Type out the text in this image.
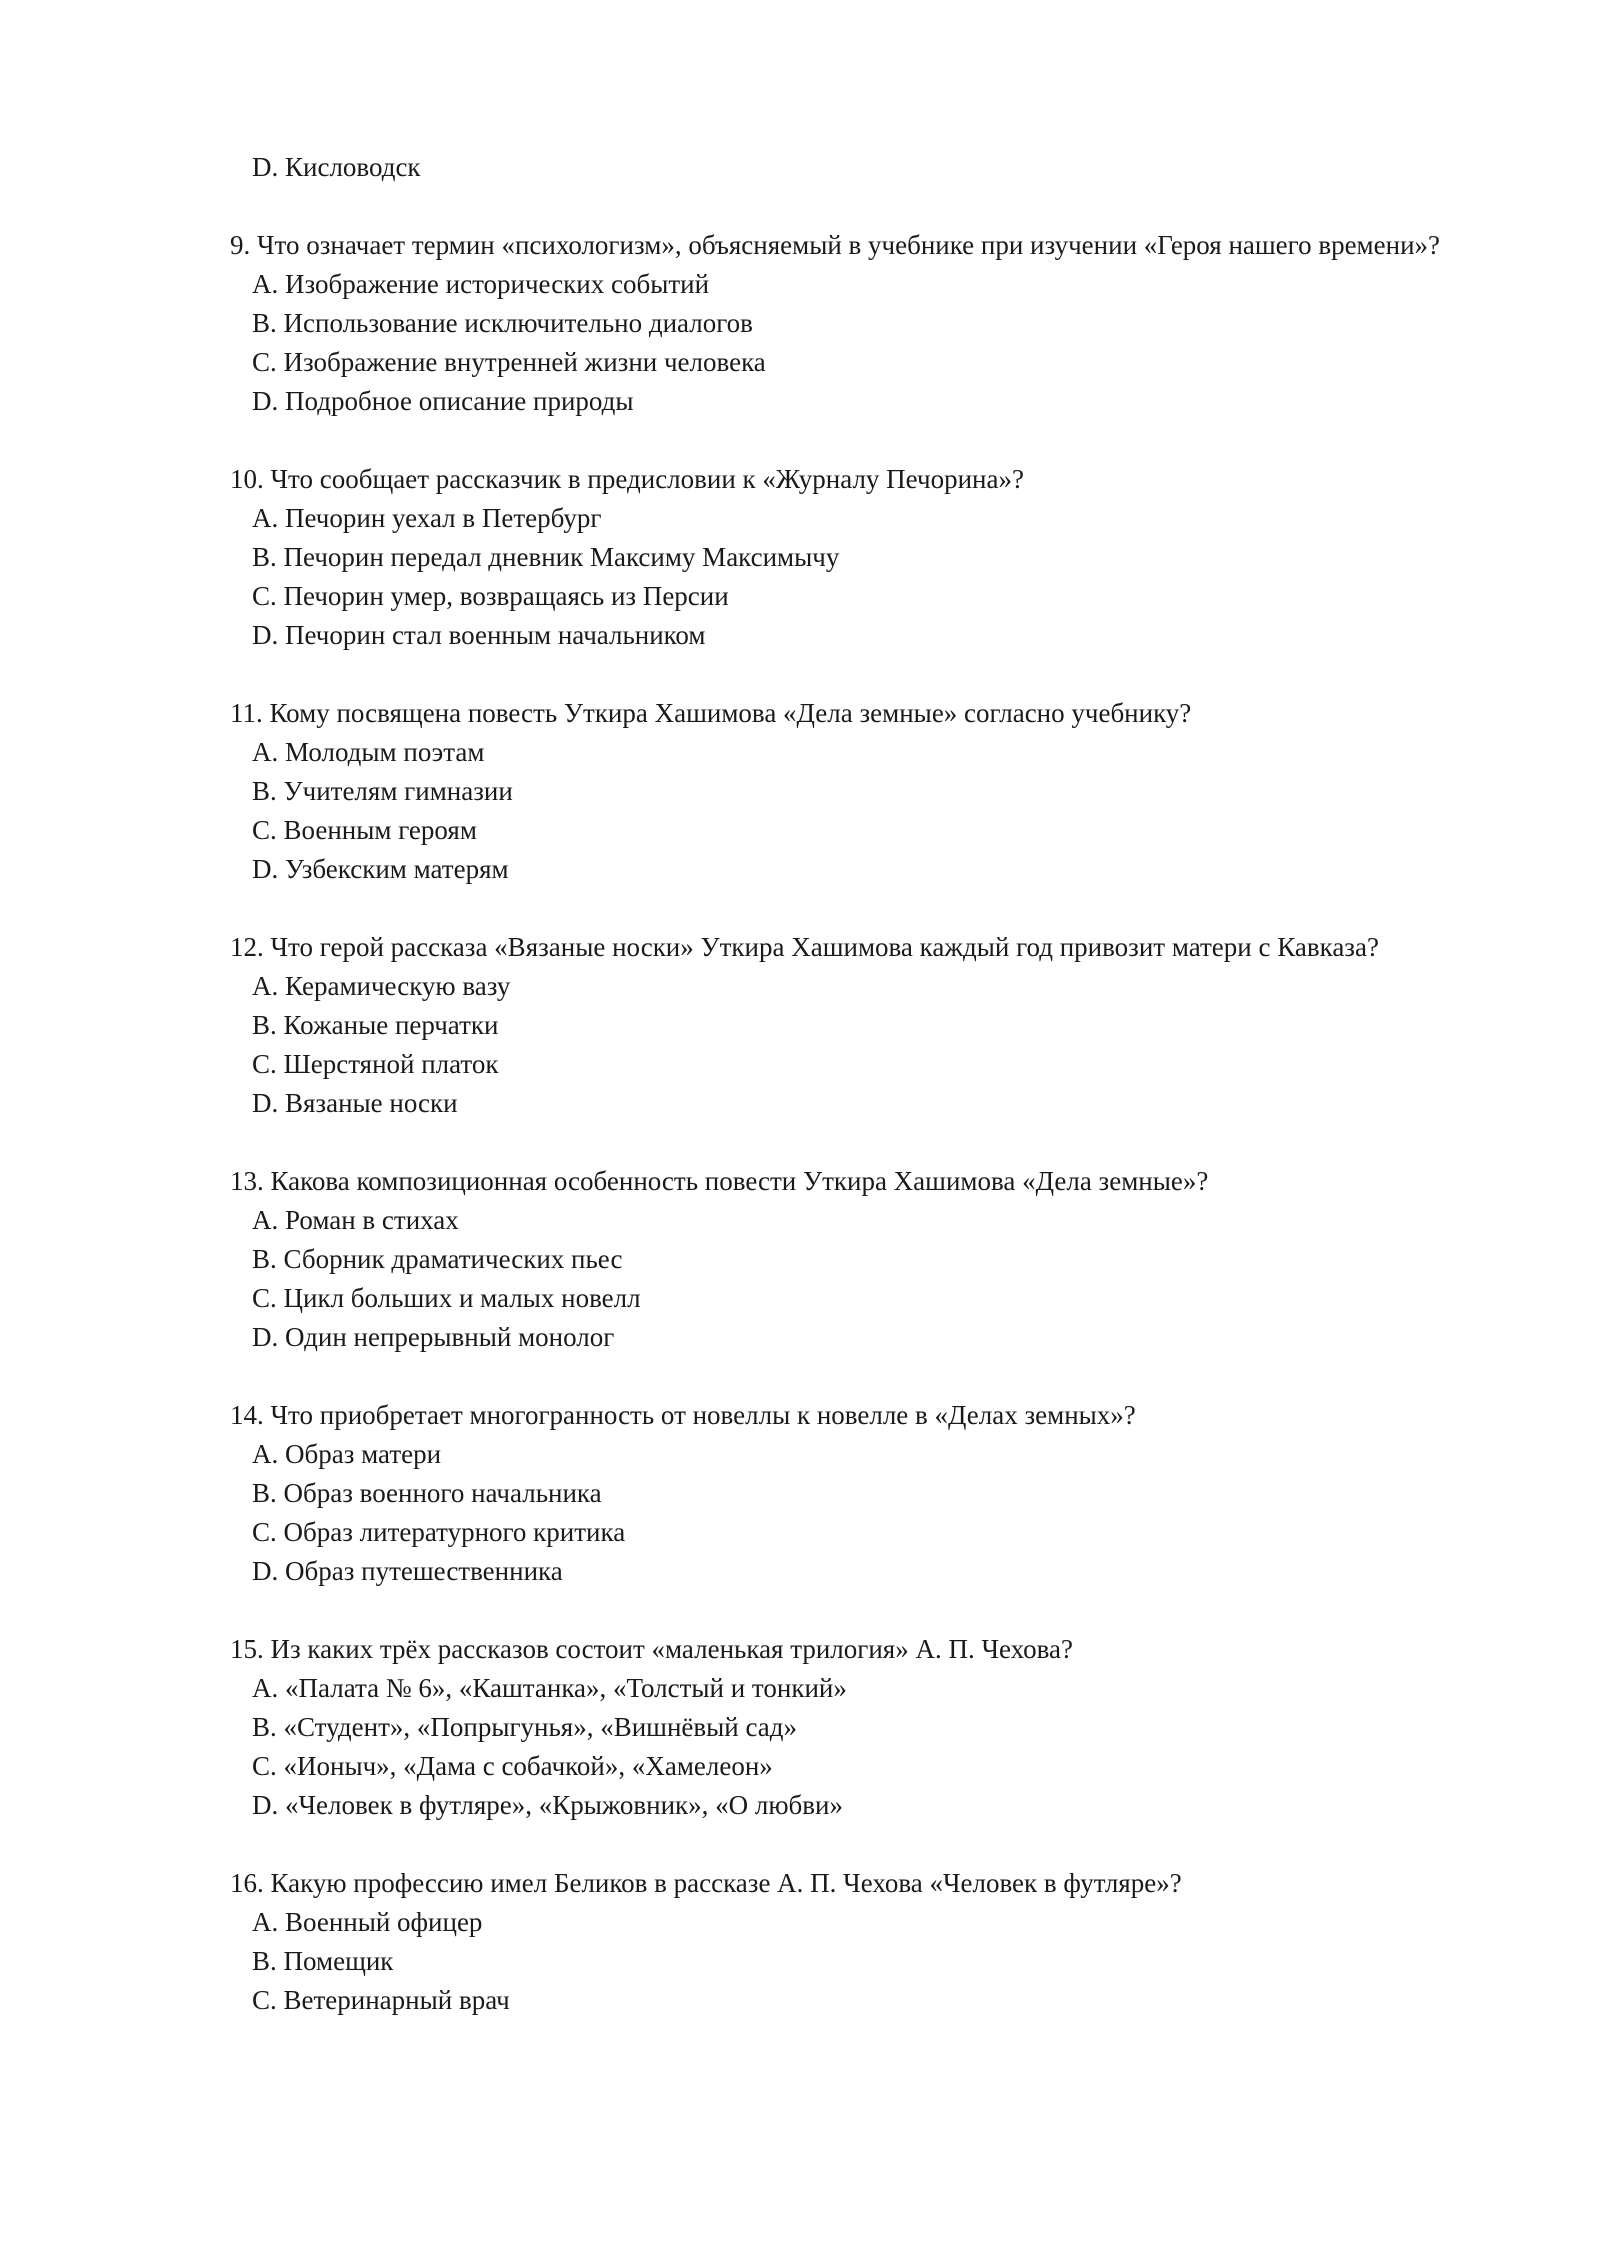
D. Кисловодск

9. Что означает термин «психологизм», объясняемый в учебнике при изучении «Героя нашего времени»?

A. Изображение исторических событий

B. Использование исключительно диалогов

C. Изображение внутренней жизни человека

D. Подробное описание природы

10. Что сообщает рассказчик в предисловии к «Журналу Печорина»?

A. Печорин уехал в Петербург

B. Печорин передал дневник Максиму Максимычу

C. Печорин умер, возвращаясь из Персии

D. Печорин стал военным начальником

11. Кому посвящена повесть Уткира Хашимова «Дела земные» согласно учебнику?

A. Молодым поэтам

B. Учителям гимназии

C. Военным героям

D. Узбекским матерям

12. Что герой рассказа «Вязаные носки» Уткира Хашимова каждый год привозит матери с Кавказа?

A. Керамическую вазу

B. Кожаные перчатки

C. Шерстяной платок

D. Вязаные носки

13. Какова композиционная особенность повести Уткира Хашимова «Дела земные»?

A. Роман в стихах

B. Сборник драматических пьес

C. Цикл больших и малых новелл

D. Один непрерывный монолог

14. Что приобретает многогранность от новеллы к новелле в «Делах земных»?

A. Образ матери

B. Образ военного начальника

C. Образ литературного критика

D. Образ путешественника

15. Из каких трёх рассказов состоит «маленькая трилогия» А. П. Чехова?

A. «Палата № 6», «Каштанка», «Толстый и тонкий»

B. «Студент», «Попрыгунья», «Вишнёвый сад»

C. «Ионыч», «Дама с собачкой», «Хамелеон»

D. «Человек в футляре», «Крыжовник», «О любви»

16. Какую профессию имел Беликов в рассказе А. П. Чехова «Человек в футляре»?

A. Военный офицер

B. Помещик

C. Ветеринарный врач
